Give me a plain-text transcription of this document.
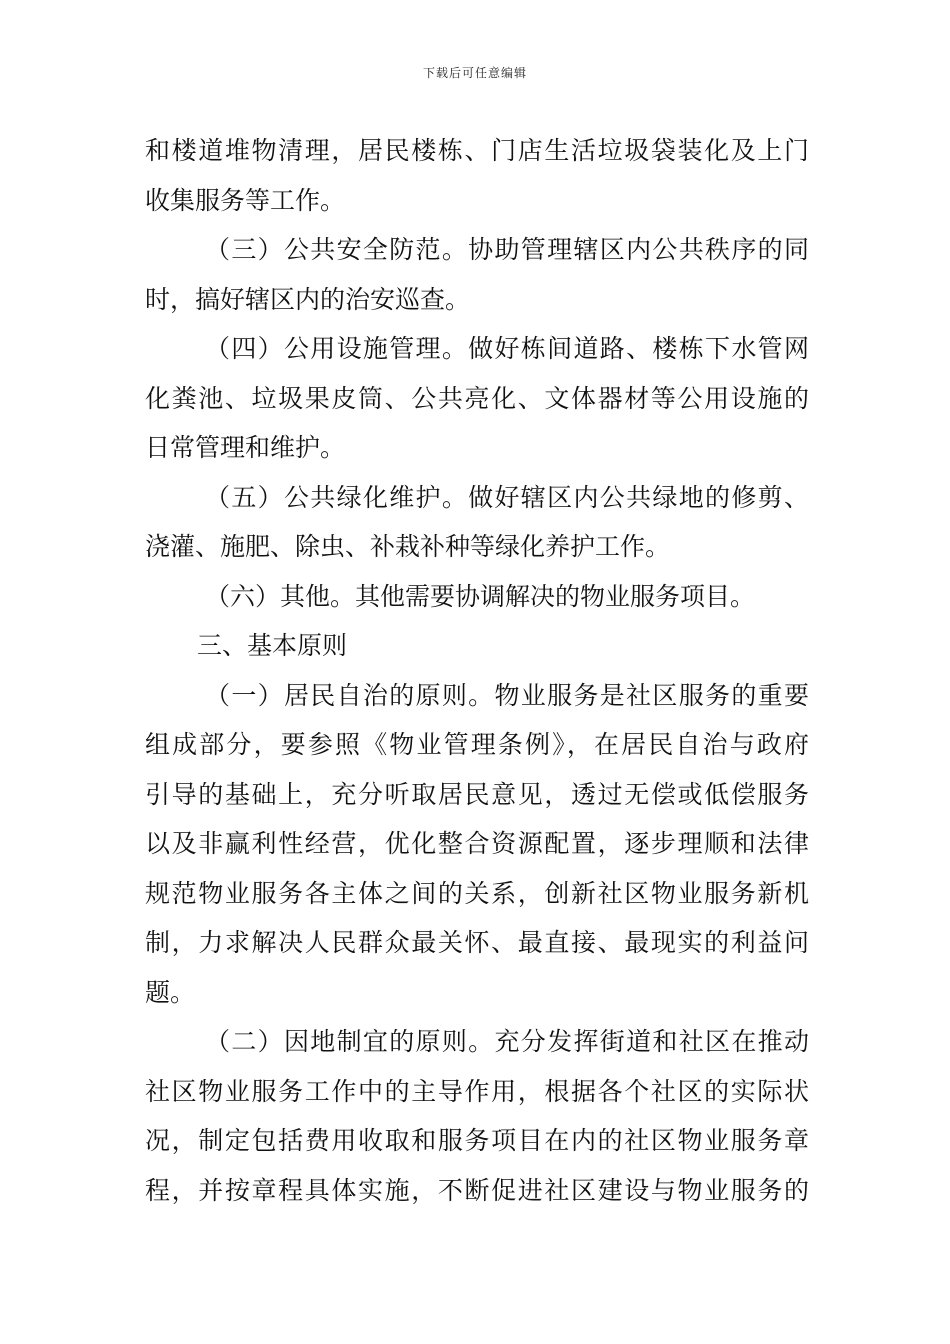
下载后可任意编辑
和楼道堆物清理，居民楼栋、门店生活垃圾袋装化及上门
收集服务等工作。
（三）公共安全防范。协助管理辖区内公共秩序的同
时，搞好辖区内的治安巡查。
（四）公用设施管理。做好栋间道路、楼栋下水管网
化粪池、垃圾果皮筒、公共亮化、文体器材等公用设施的
日常管理和维护。
（五）公共绿化维护。做好辖区内公共绿地的修剪、
浇灌、施肥、除虫、补栽补种等绿化养护工作。
（六）其他。其他需要协调解决的物业服务项目。
三、基本原则
（一）居民自治的原则。物业服务是社区服务的重要
组成部分，要参照《物业管理条例》，在居民自治与政府
引导的基础上，充分听取居民意见，透过无偿或低偿服务
以及非赢利性经营，优化整合资源配置，逐步理顺和法律
规范物业服务各主体之间的关系，创新社区物业服务新机
制，力求解决人民群众最关怀、最直接、最现实的利益问
题。
（二）因地制宜的原则。充分发挥街道和社区在推动
社区物业服务工作中的主导作用，根据各个社区的实际状
况，制定包括费用收取和服务项目在内的社区物业服务章
程，并按章程具体实施，不断促进社区建设与物业服务的
